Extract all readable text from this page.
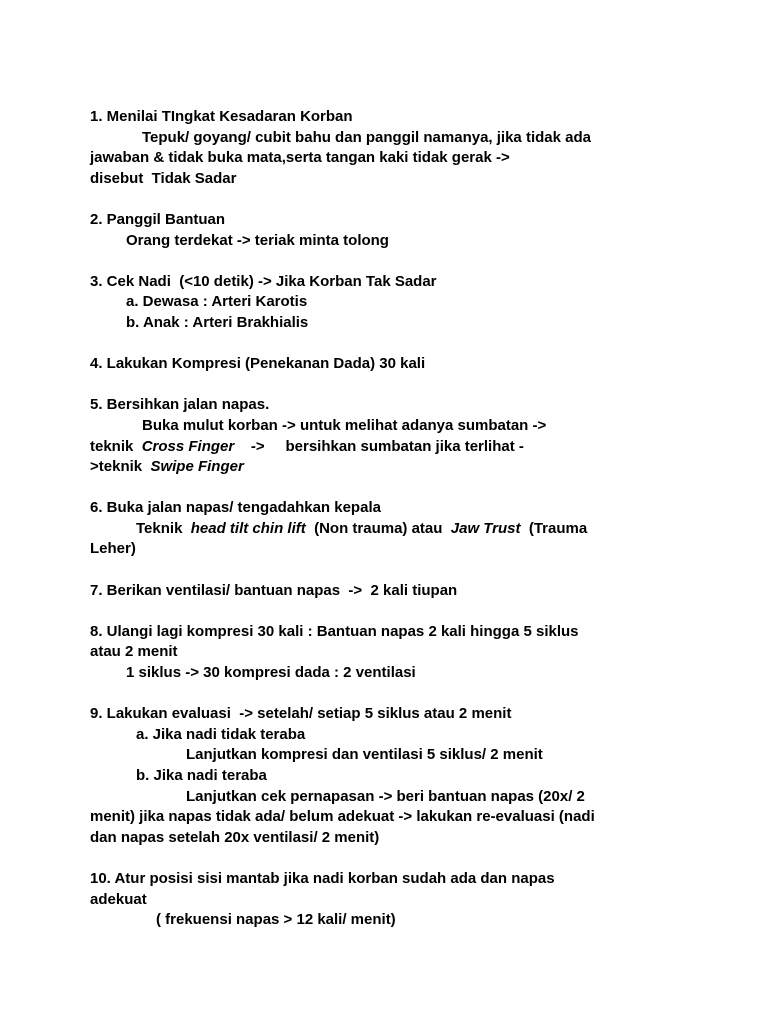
1. Menilai TIngkat Kesadaran Korban
Tepuk/ goyang/ cubit bahu dan panggil namanya, jika tidak ada
jawaban & tidak buka mata,serta tangan kaki tidak gerak ->
disebut  Tidak Sadar
2. Panggil Bantuan
Orang terdekat -> teriak minta tolong
3. Cek Nadi  (<10 detik) -> Jika Korban Tak Sadar
a. Dewasa : Arteri Karotis
b. Anak : Arteri Brakhialis
4. Lakukan Kompresi (Penekanan Dada) 30 kali
5. Bersihkan jalan napas.
Buka mulut korban -> untuk melihat adanya sumbatan ->
teknik  Cross Finger    ->     bersihkan sumbatan jika terlihat -
>teknik  Swipe Finger
6. Buka jalan napas/ tengadahkan kepala
Teknik  head tilt chin lift  (Non trauma) atau  Jaw Trust  (Trauma
Leher)
7. Berikan ventilasi/ bantuan napas  ->  2 kali tiupan
8. Ulangi lagi kompresi 30 kali : Bantuan napas 2 kali hingga 5 siklus
atau 2 menit
1 siklus -> 30 kompresi dada : 2 ventilasi
9. Lakukan evaluasi  -> setelah/ setiap 5 siklus atau 2 menit
a. Jika nadi tidak teraba
Lanjutkan kompresi dan ventilasi 5 siklus/ 2 menit
b. Jika nadi teraba
Lanjutkan cek pernapasan -> beri bantuan napas (20x/ 2
menit) jika napas tidak ada/ belum adekuat -> lakukan re-evaluasi (nadi
dan napas setelah 20x ventilasi/ 2 menit)
10. Atur posisi sisi mantab jika nadi korban sudah ada dan napas
adekuat
( frekuensi napas > 12 kali/ menit)
